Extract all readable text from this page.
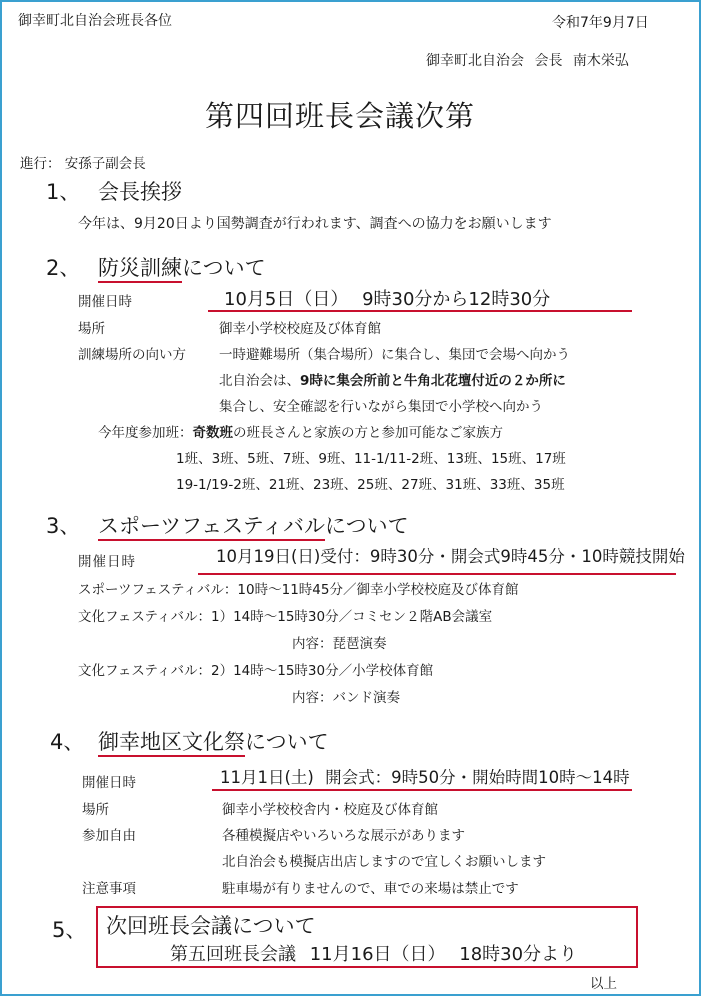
御幸町北自治会班長各位	令和7年9月7日
御幸町北自治会 会長 南木栄弘
第四回班長会議次第
進行： 安孫子副会長
1、 会長挨拶
今年は、9月20日より国勢調査が行われます、調査への協力をお願いします
2、 防災訓練について
開催日時	10月5日（日） 9時30分から12時30分
場所	御幸小学校校庭及び体育館
訓練場所の向い方 一時避難場所（集合場所）に集合し、集団で会場へ向かう
北自治会は、9時に集会所前と牛角北花壇付近の２か所に
集合し、安全確認を行いながら集団で小学校へ向かう
今年度参加班：奇数班の班長さんと家族の方と参加可能なご家族方
1班、3班、5班、7班、9班、11-1/11-2班、13班、15班、17班
19-1/19-2班、21班、23班、25班、27班、31班、33班、35班
3、 スポーツフェスティバルについて
開催日時	10月19日(日)受付：9時30分・開会式9時45分・10時競技開始
スポーツフェスティバル：10時〜11時45分／御幸小学校校庭及び体育館
文化フェスティバル：1）14時〜15時30分／コミセン２階AB会議室
内容：琵琶演奏
文化フェスティバル：2）14時〜15時30分／小学校体育館
内容：バンド演奏
4、 御幸地区文化祭について
開催日時	11月1日(土) 開会式：9時50分・開始時間10時〜14時
場所	御幸小学校校舎内・校庭及び体育館
参加自由	各種模擬店やいろいろな展示があります
北自治会も模擬店出店しますので宜しくお願いします
注意事項	駐車場が有りませんので、車での来場は禁止です
5、 次回班長会議について
第五回班長会議 11月16日（日） 18時30分より
以上
